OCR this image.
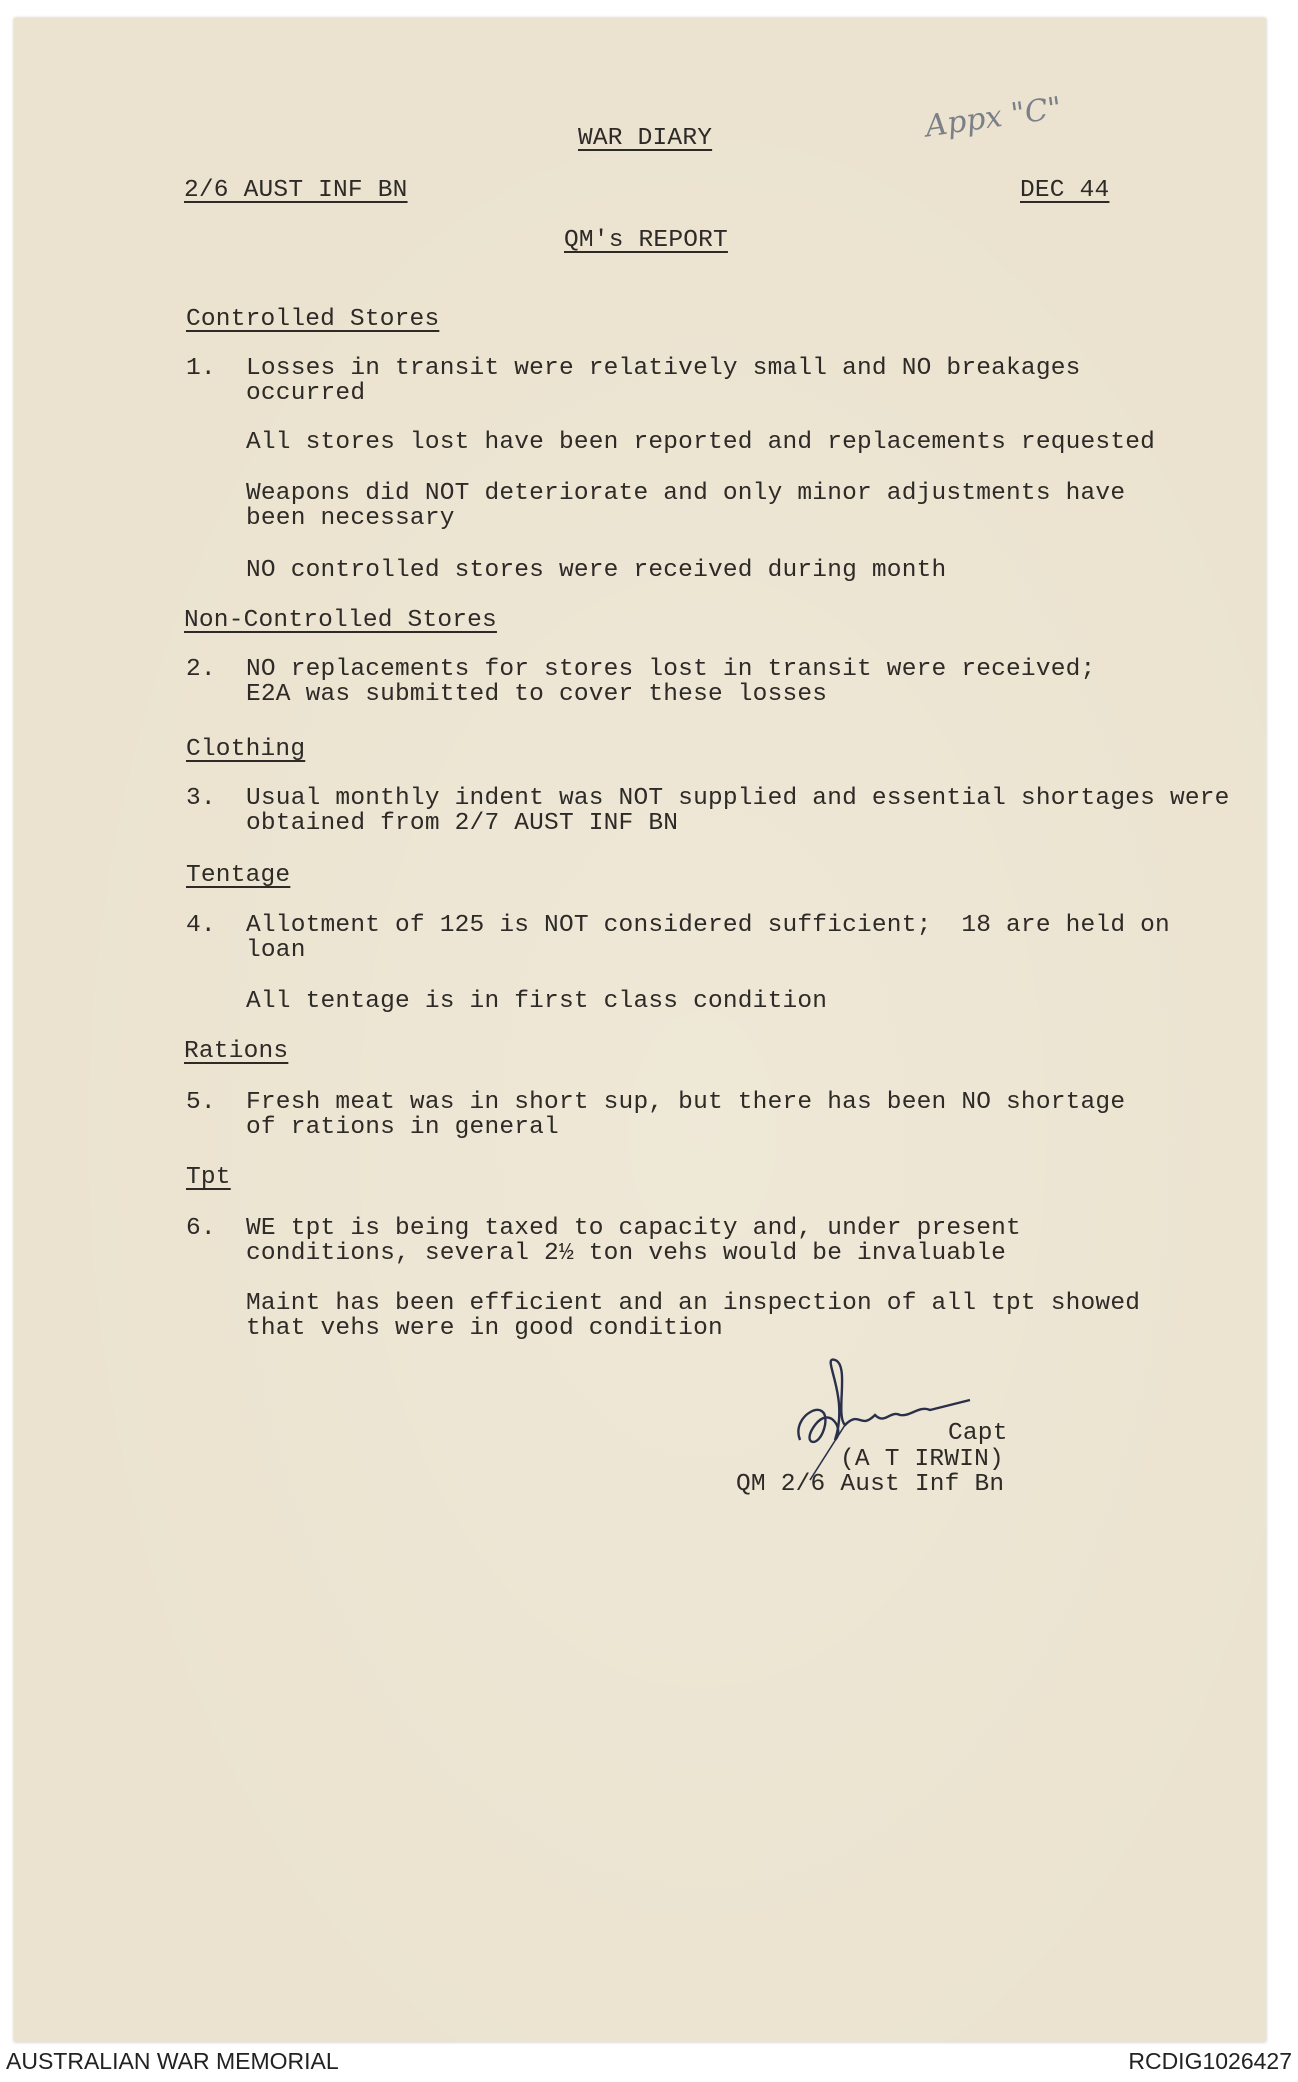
Appx "C"
WAR DIARY
2/6 AUST INF BN	DEC 44
QM's REPORT
Controlled Stores
1. Losses in transit were relatively small and NO breakages
occurred
All stores lost have been reported and replacements requested
Weapons did NOT deteriorate and only minor adjustments have
been necessary
NO controlled stores were received during month
Non-Controlled Stores
2. NO replacements for stores lost in transit were received;
E2A was submitted to cover these losses
Clothing
3. Usual monthly indent was NOT supplied and essential shortages were
obtained from 2/7 AUST INF BN
Tentage
4. Allotment of 125 is NOT considered sufficient;  18 are held on
loan
All tentage is in first class condition
Rations
5. Fresh meat was in short sup, but there has been NO shortage
of rations in general
Tpt
6. WE tpt is being taxed to capacity and, under present
conditions, several 2½ ton vehs would be invaluable
Maint has been efficient and an inspection of all tpt showed
that vehs were in good condition
Capt
(A T IRWIN)
QM 2/6 Aust Inf Bn
AUSTRALIAN WAR MEMORIAL	RCDIG1026427
